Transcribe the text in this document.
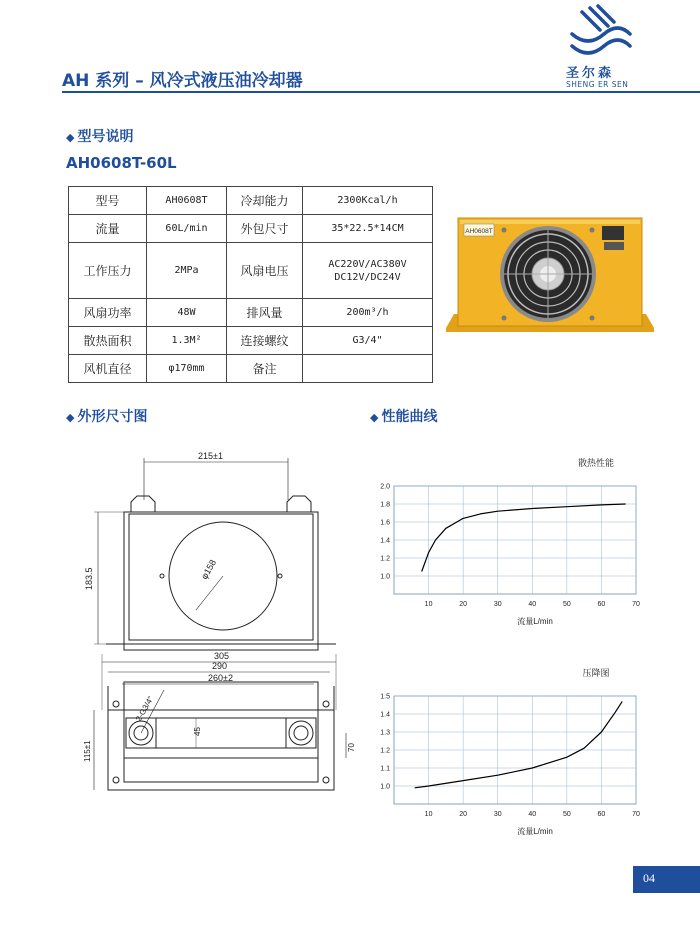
AH 系列 – 风冷式液压油冷却器	圣尔森
SHENG ER SEN
◆ 型号说明
AH0608T-60L
型号	AH0608T	冷却能力	2300Kcal/h
流量	60L/min	外包尺寸	35*22.5*14CM
工作压力	2MPa	风扇电压	AC220V/AC380V
DC12V/DC24V

风扇功率	48W	排风量	200m³/h
散热面积	1.3M²	连接螺纹	G3/4"
风机直径	φ170mm	备注	
AH0608T
◆ 外形尺寸图	◆ 性能曲线
215±1
φ158
183.5
305
290
260±2
2-G3/4"
45
115±1	70
散热性能
10	20	30	40	50	60	70
1.0
1.2
1.4
1.6
1.8
2.0
流量L/min
压降图
10	20	30	40	50	60	70
1.0
1.1
1.2
1.3
1.4
1.5
流量L/min
04
